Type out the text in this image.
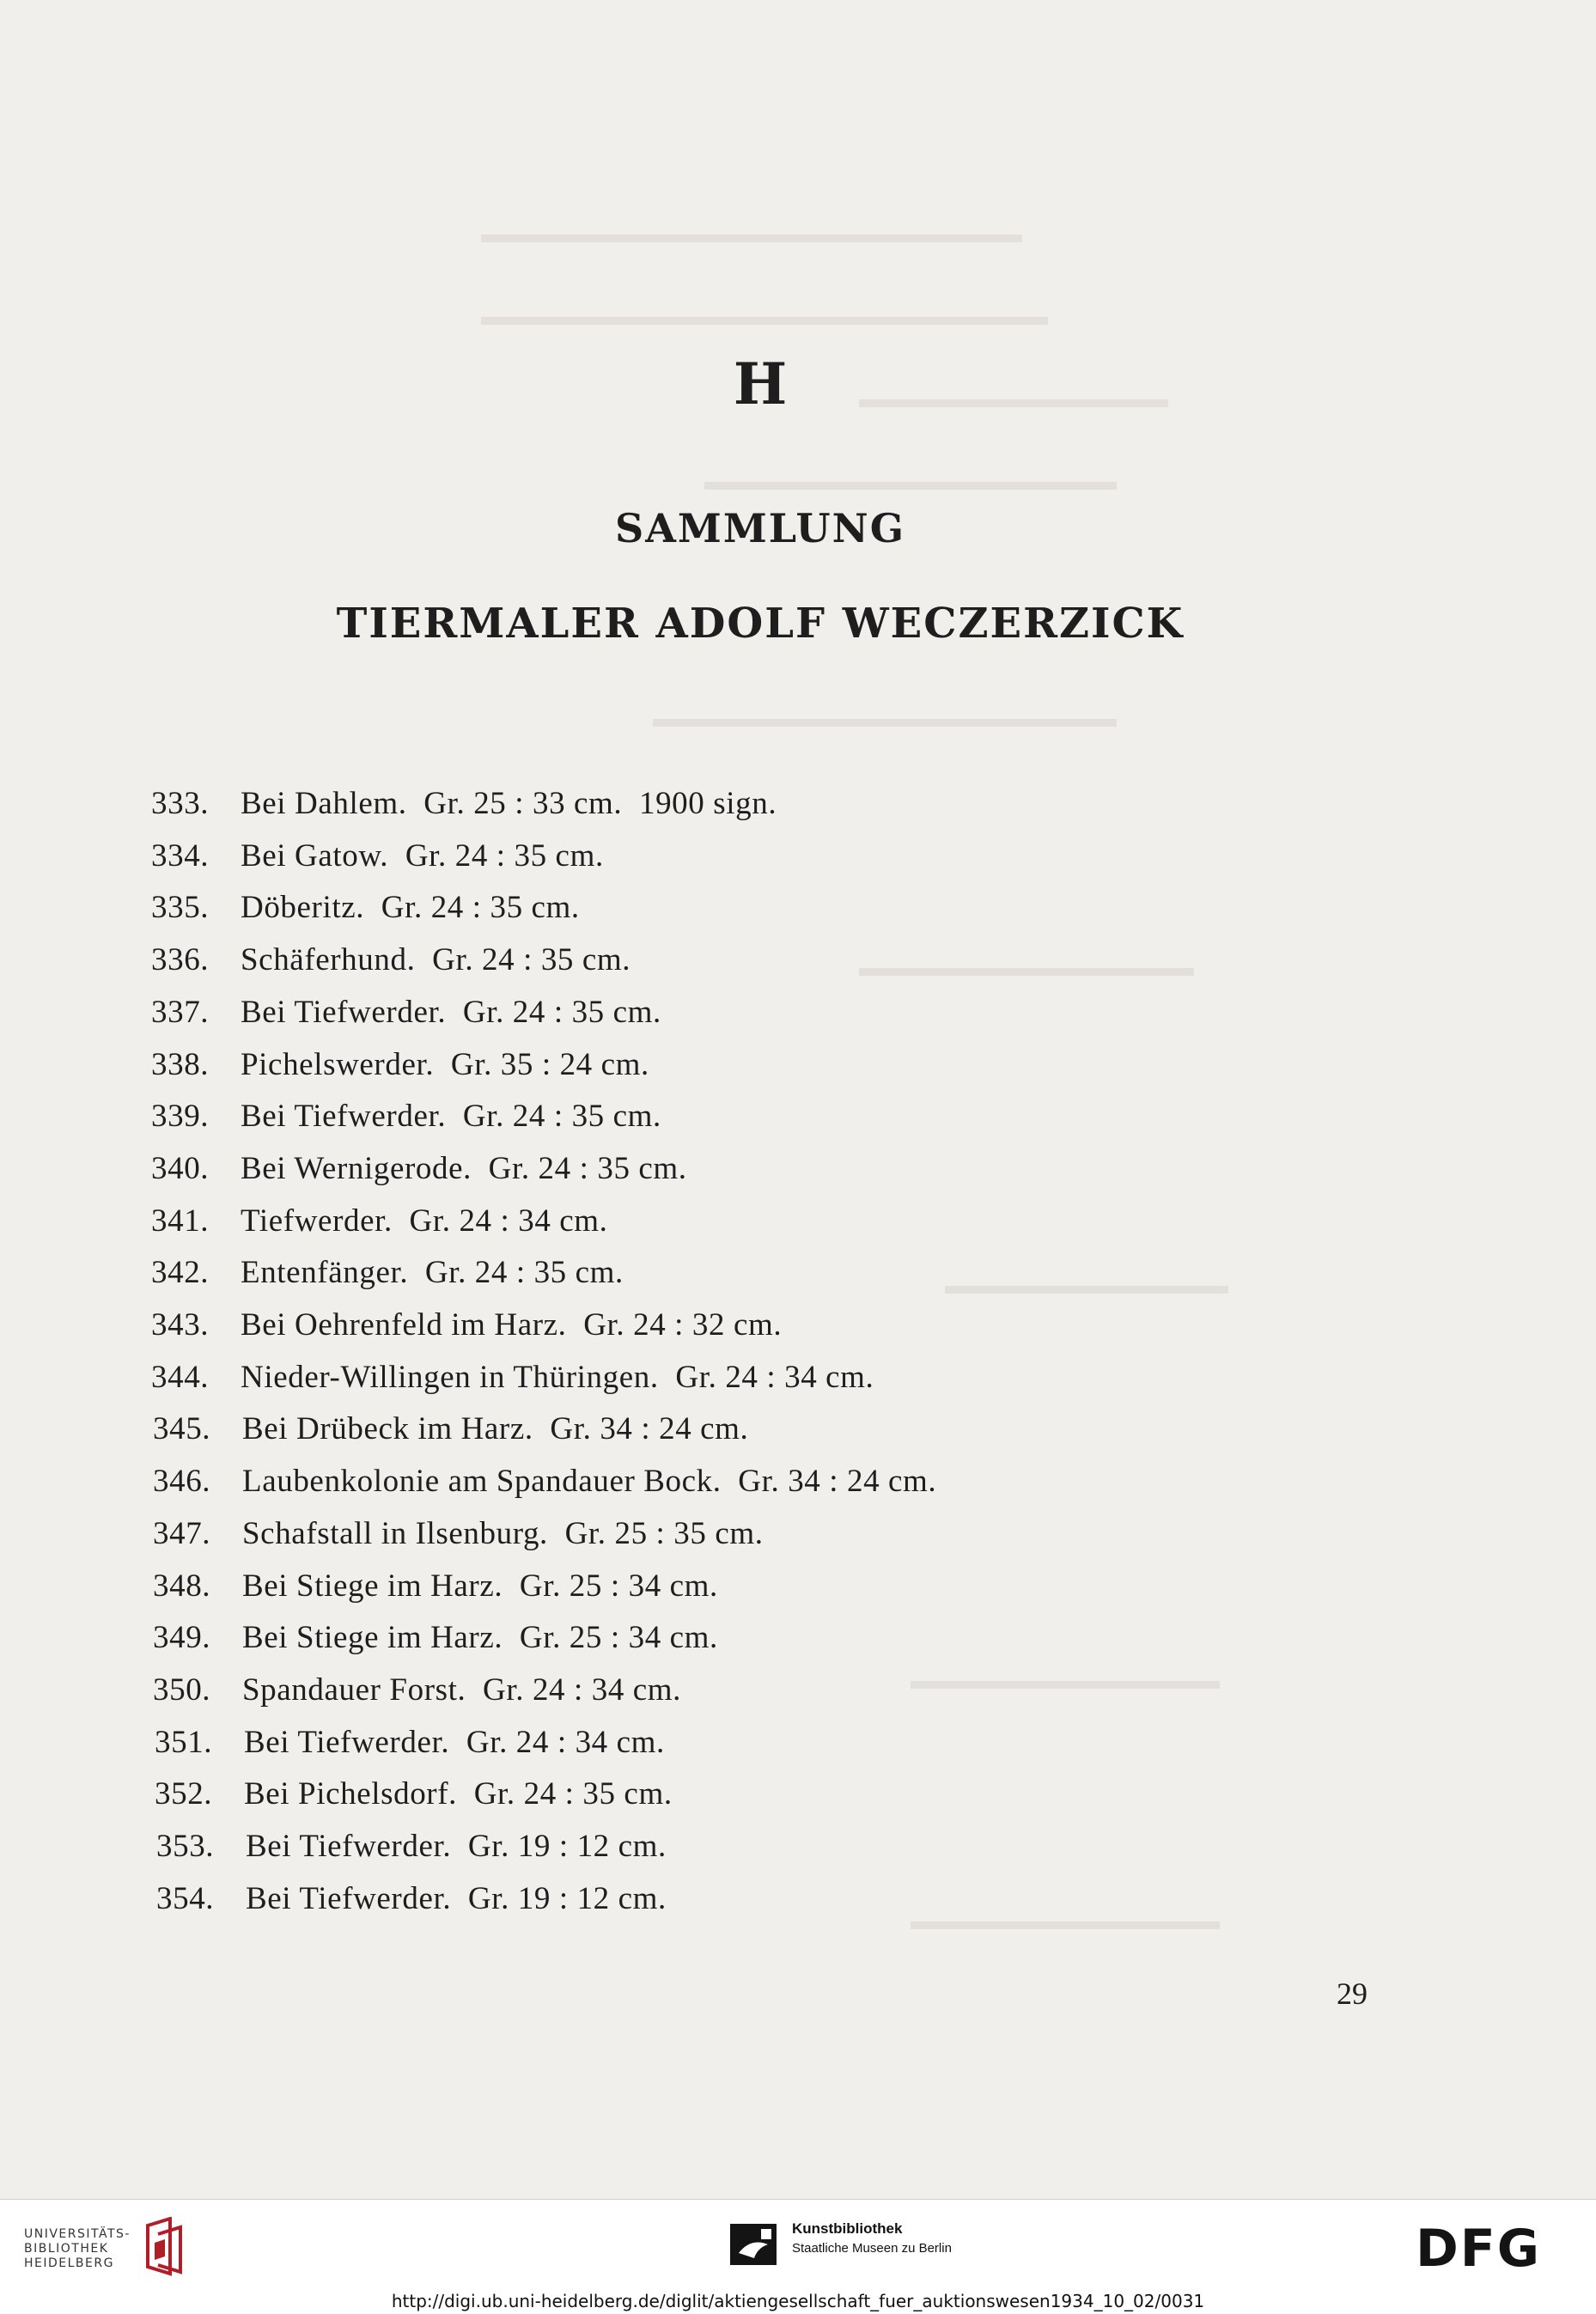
▬▬▬▬▬▬▬▬▬▬▬▬▬▬▬▬▬▬▬▬▬
▬▬▬▬▬▬▬▬▬▬▬▬▬▬▬▬▬▬▬▬▬▬
▬▬▬▬▬▬▬▬▬▬▬▬
▬▬▬▬▬▬▬▬▬▬▬▬▬▬▬▬
▬▬▬▬▬▬▬▬▬▬▬▬▬▬▬▬▬▬
▬▬▬▬▬▬▬▬▬▬▬▬▬
▬▬▬▬▬▬▬▬▬▬▬
▬▬▬▬▬▬▬▬▬▬▬▬
▬▬▬▬▬▬▬▬▬▬▬▬
H
SAMMLUNG
TIERMALER ADOLF WECZERZICK
333. Bei Dahlem.  Gr. 25 : 33 cm.  1900 sign.
334. Bei Gatow.  Gr. 24 : 35 cm.
335. Döberitz.  Gr. 24 : 35 cm.
336. Schäferhund.  Gr. 24 : 35 cm.
337. Bei Tiefwerder.  Gr. 24 : 35 cm.
338. Pichelswerder.  Gr. 35 : 24 cm.
339. Bei Tiefwerder.  Gr. 24 : 35 cm.
340. Bei Wernigerode.  Gr. 24 : 35 cm.
341. Tiefwerder.  Gr. 24 : 34 cm.
342. Entenfänger.  Gr. 24 : 35 cm.
343. Bei Oehrenfeld im Harz.  Gr. 24 : 32 cm.
344. Nieder-Willingen in Thüringen.  Gr. 24 : 34 cm.
345. Bei Drübeck im Harz.  Gr. 34 : 24 cm.
346. Laubenkolonie am Spandauer Bock.  Gr. 34 : 24 cm.
347. Schafstall in Ilsenburg.  Gr. 25 : 35 cm.
348. Bei Stiege im Harz.  Gr. 25 : 34 cm.
349. Bei Stiege im Harz.  Gr. 25 : 34 cm.
350. Spandauer Forst.  Gr. 24 : 34 cm.
351. Bei Tiefwerder.  Gr. 24 : 34 cm.
352. Bei Pichelsdorf.  Gr. 24 : 35 cm.
353. Bei Tiefwerder.  Gr. 19 : 12 cm.
354. Bei Tiefwerder.  Gr. 19 : 12 cm.
29
UNIVERSITÄTS-
BIBLIOTHEK
HEIDELBERG
Kunstbibliothek
Staatliche Museen zu Berlin	DFG
http://digi.ub.uni-heidelberg.de/diglit/aktiengesellschaft_fuer_auktionswesen1934_10_02/0031
